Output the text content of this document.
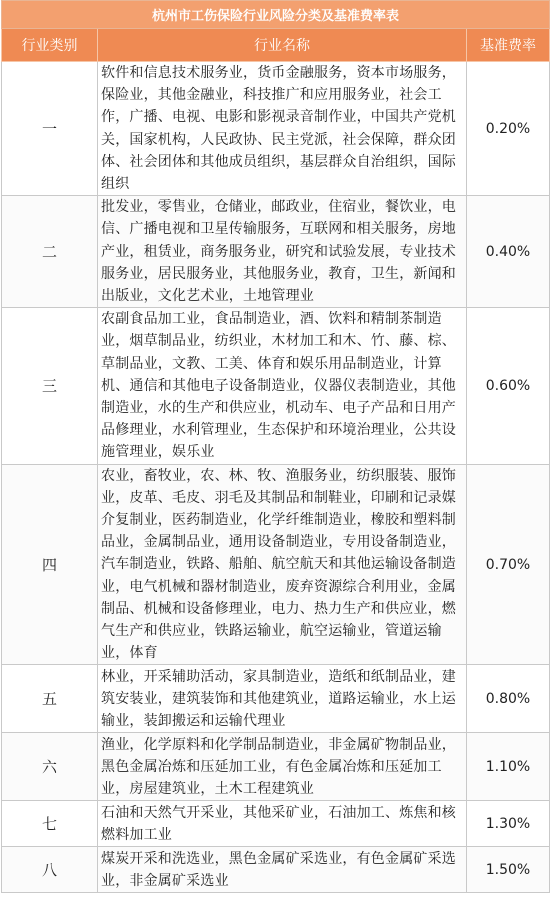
杭州市工伤保险行业风险分类及基准费率表		
行业类别	行业名称	基准费率
一	软件和信息技术服务业，货币金融服务，资本市场服务，保险业，其他金融业，科技推广和应用服务业，社会工作，广播、电视、电影和影视录音制作业，中国共产党机关，国家机构，人民政协、民主党派，社会保障，群众团体、社会团体和其他成员组织，基层群众自治组织，国际组织	0.20%
二	批发业，零售业，仓储业，邮政业，住宿业，餐饮业，电信、广播电视和卫星传输服务，互联网和相关服务，房地产业，租赁业，商务服务业，研究和试验发展，专业技术服务业，居民服务业，其他服务业，教育，卫生，新闻和出版业，文化艺术业，土地管理业	0.40%
三	农副食品加工业，食品制造业，酒、饮料和精制茶制造业，烟草制品业，纺织业，木材加工和木、竹、藤、棕、草制品业，文教、工美、体育和娱乐用品制造业，计算机、通信和其他电子设备制造业，仪器仪表制造业，其他制造业，水的生产和供应业，机动车、电子产品和日用产品修理业，水利管理业，生态保护和环境治理业，公共设施管理业，娱乐业	0.60%
四	农业，畜牧业，农、林、牧、渔服务业，纺织服装、服饰业，皮革、毛皮、羽毛及其制品和制鞋业，印刷和记录媒介复制业，医药制造业，化学纤维制造业，橡胶和塑料制品业，金属制品业，通用设备制造业，专用设备制造业，汽车制造业，铁路、船舶、航空航天和其他运输设备制造业，电气机械和器材制造业，废弃资源综合利用业，金属制品、机械和设备修理业，电力、热力生产和供应业，燃气生产和供应业，铁路运输业，航空运输业，管道运输业，体育	0.70%
五	林业，开采辅助活动，家具制造业，造纸和纸制品业，建筑安装业，建筑装饰和其他建筑业，道路运输业，水上运输业，装卸搬运和运输代理业	0.80%
六	渔业，化学原料和化学制品制造业，非金属矿物制品业，黑色金属冶炼和压延加工业，有色金属冶炼和压延加工业，房屋建筑业，土木工程建筑业	1.10%
七	石油和天然气开采业，其他采矿业，石油加工、炼焦和核燃料加工业	1.30%
八	煤炭开采和洗选业，黑色金属矿采选业，有色金属矿采选业，非金属矿采选业	1.50%
